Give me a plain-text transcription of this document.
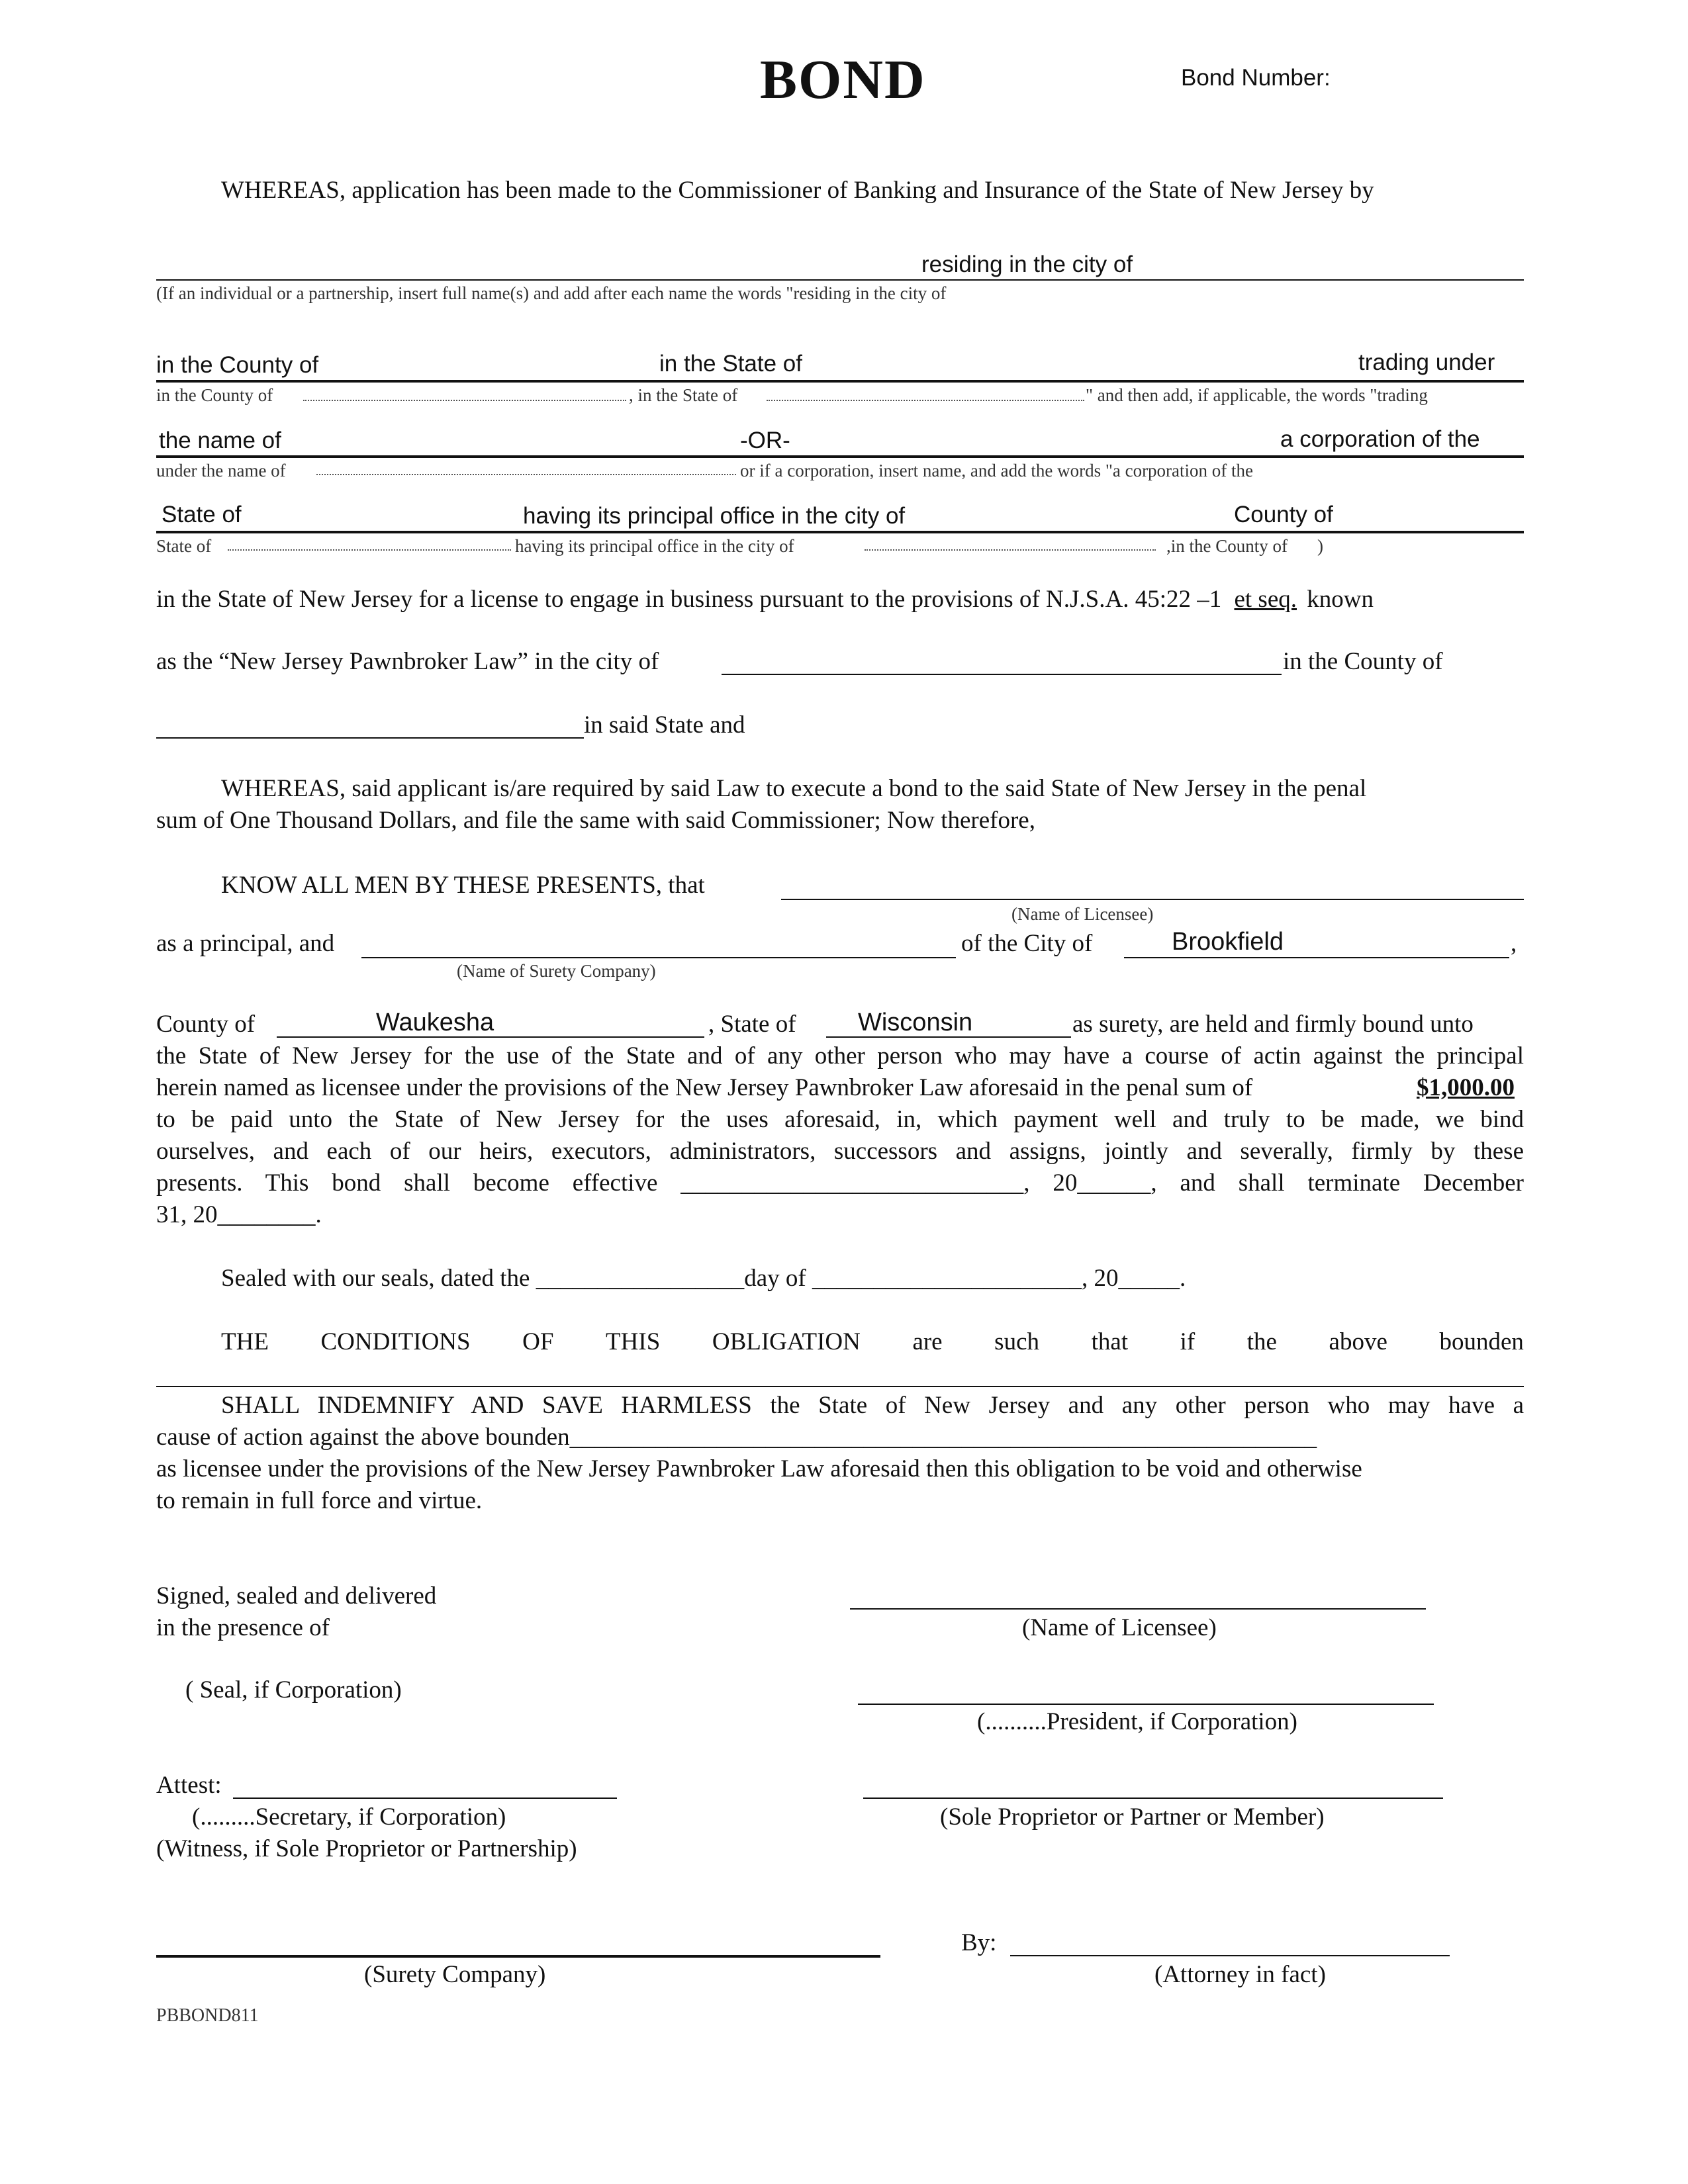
BOND	Bond Number:
WHEREAS, application has been made to the Commissioner of Banking and Insurance of the State of New Jersey by
residing in the city of
(If an individual or a partnership, insert full name(s) and add after each name the words "residing in the city of
in the County of	in the State of	trading under
in the County of	, in the State of	" and then add, if applicable, the words "trading
the name of	-OR-	a corporation of the
under the name of	or if a corporation, insert name, and add the words "a corporation of the
State of	having its principal office in the city of	County of
State of	having its principal office in the city of	,in the County of )
in the State of New Jersey for a license to engage in business pursuant to the provisions of N.J.S.A. 45:22 –1 et seq. known
as the “New Jersey Pawnbroker Law” in the city of	in the County of
in said State and
WHEREAS, said applicant is/are required by said Law to execute a bond to the said State of New Jersey in the penal
sum of One Thousand Dollars, and file the same with said Commissioner; Now therefore,
KNOW ALL MEN BY THESE PRESENTS, that
(Name of Licensee)
as a principal, and	of the City of	Brookfield	,
(Name of Surety Company)
County of	Waukesha	, State of Wisconsin	as surety, are held and firmly bound unto
the State of New Jersey for the use of the State and of any other person who may have a course of actin against the principal
herein named as licensee under the provisions of the New Jersey Pawnbroker Law aforesaid in the penal sum of	$1,000.00
to be paid unto the State of New Jersey for the uses aforesaid, in, which payment well and truly to be made, we bind
ourselves, and each of our heirs, executors, administrators, successors and assigns, jointly and severally, firmly by these
presents. This bond shall become effective ____________________________, 20______, and shall terminate December
31, 20________.
Sealed with our seals, dated the _________________day of ______________________, 20_____.
THE CONDITIONS OF THIS OBLIGATION are such that if the above bounden
SHALL INDEMNIFY AND SAVE HARMLESS the State of New Jersey and any other person who may have a
cause of action against the above bounden_____________________________________________________________
as licensee under the provisions of the New Jersey Pawnbroker Law aforesaid then this obligation to be void and otherwise
to remain in full force and virtue.
Signed, sealed and delivered
in the presence of	(Name of Licensee)
( Seal, if Corporation)
(..........President, if Corporation)
Attest:
(.........Secretary, if Corporation)	(Sole Proprietor or Partner or Member)
(Witness, if Sole Proprietor or Partnership)
By:
(Surety Company)	(Attorney in fact)
PBBOND811
